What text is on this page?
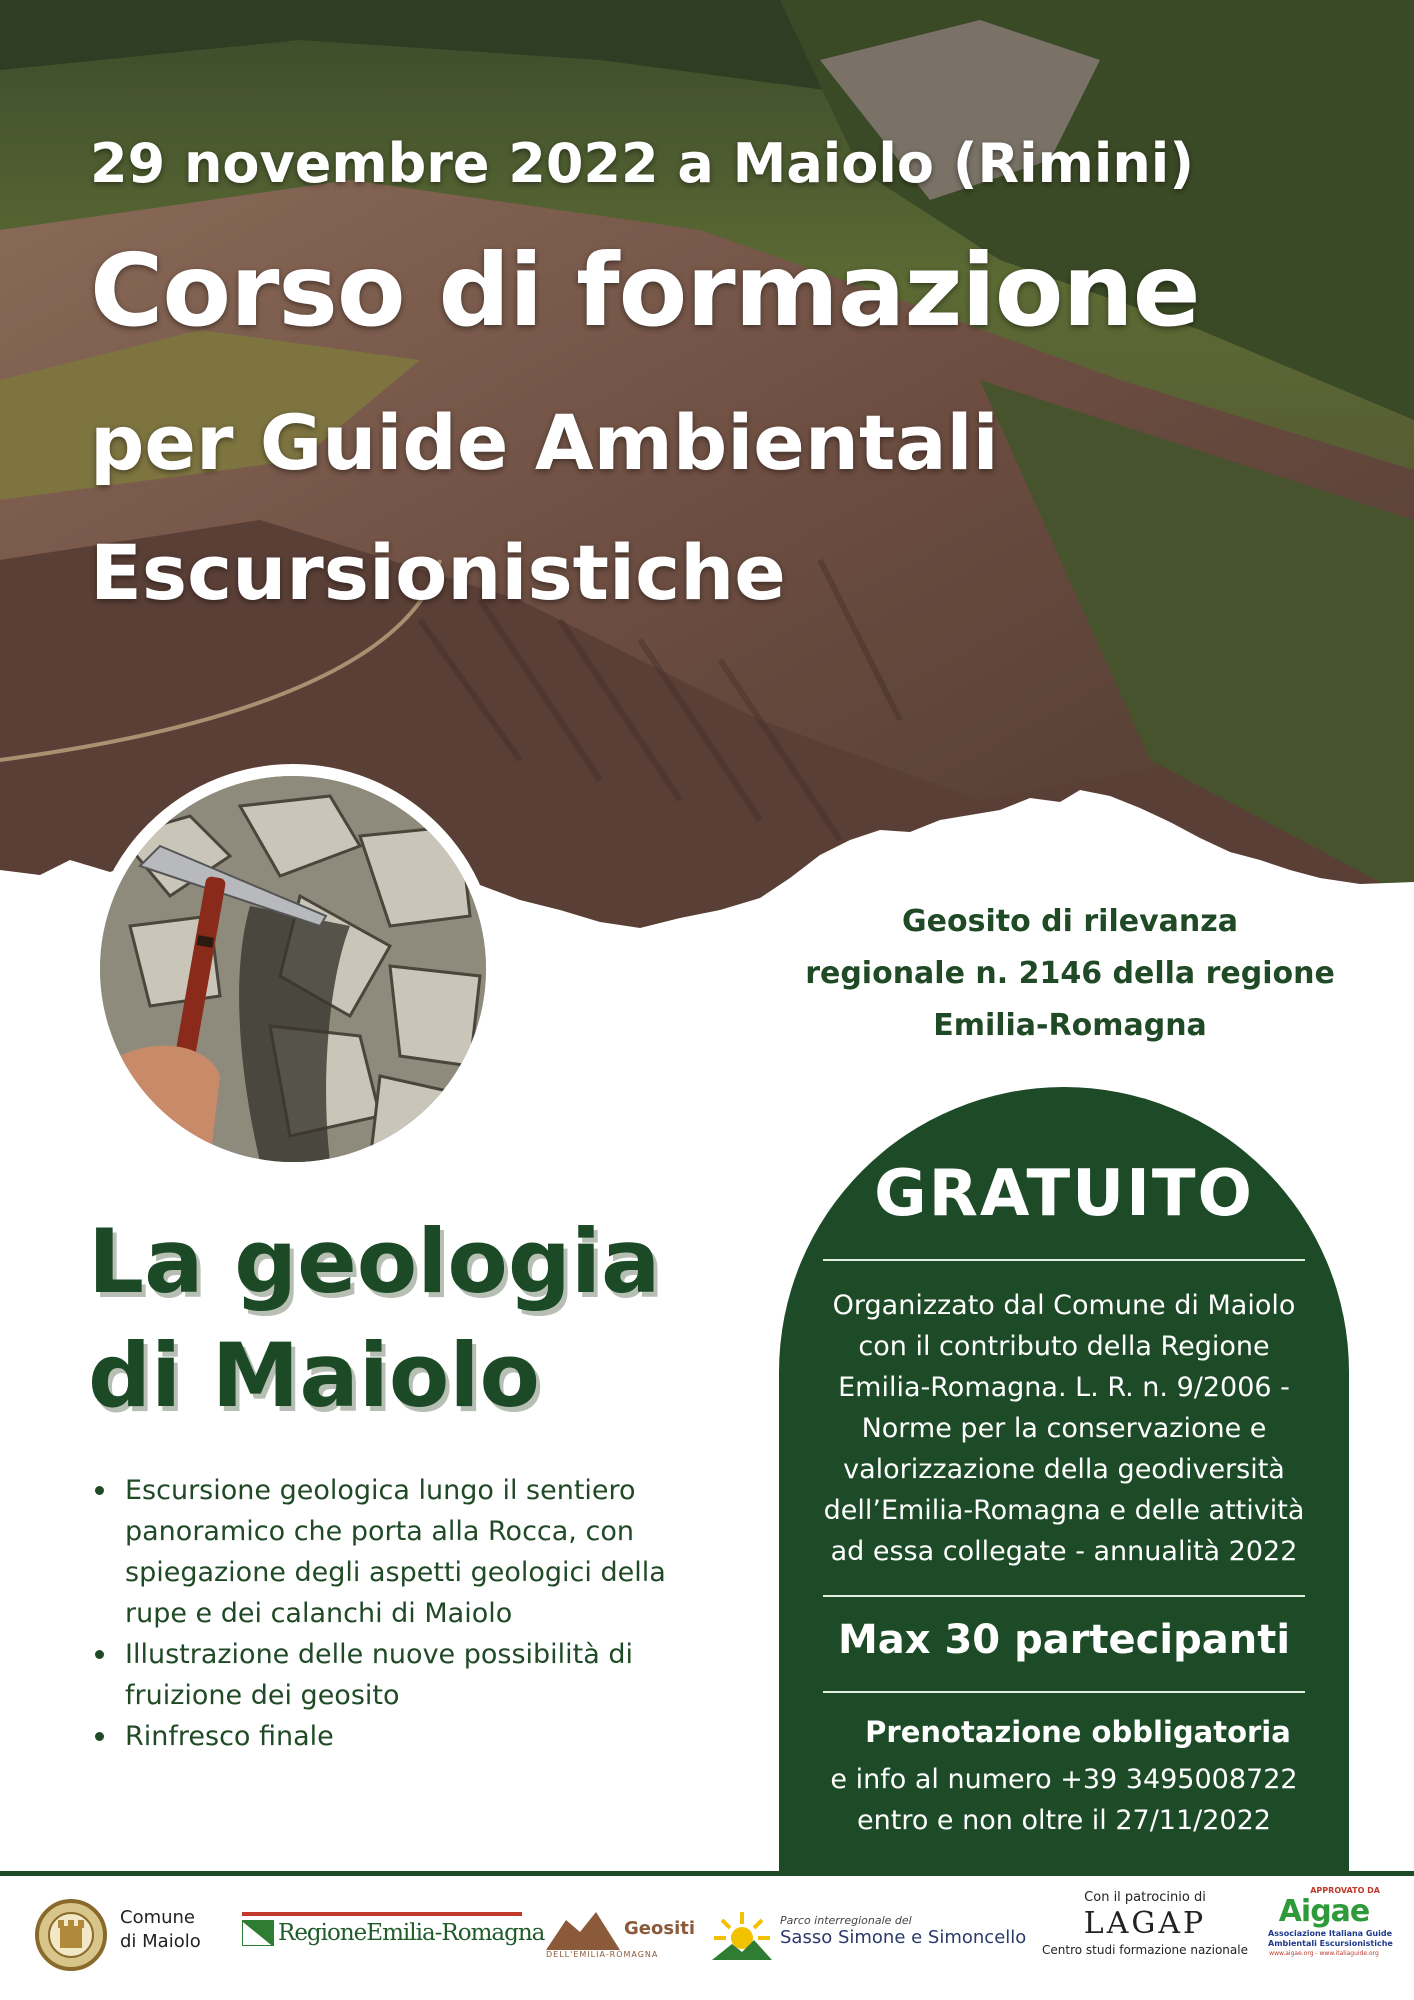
29 novembre 2022 a Maiolo (Rimini)
Corso di formazione
per Guide Ambientali
Escursionistiche
Geosito di rilevanza
regionale n. 2146 della regione
Emilia-Romagna
La geologia
di Maiolo
Escursione geologica lungo il sentiero panoramico che porta alla Rocca, con spiegazione degli aspetti geologici della rupe e dei calanchi di Maiolo
Illustrazione delle nuove possibilità di fruizione dei geosito
Rinfresco finale
GRATUITO
Organizzato dal Comune di Maiolo
con il contributo della Regione
Emilia-Romagna. L. R. n. 9/2006 -
Norme per la conservazione e
valorizzazione della geodiversità
dell’Emilia-Romagna e delle attività
ad essa collegate - annualità 2022
Max 30 partecipanti
Prenotazione obbligatoria
e info al numero +39 3495008722
entro e non oltre il 27/11/2022
Comune
di Maiolo	RegioneEmilia-Romagna	Geositi
DELL'EMILIA-ROMAGNA
Parco interregionale del
Sasso Simone e Simoncello
Con il patrocinio di
LAGAP
Centro studi formazione nazionale
APPROVATO DA
Aigae
Associazione Italiana Guide
Ambientali Escursionistiche
www.aigae.org - www.italiaguide.org
